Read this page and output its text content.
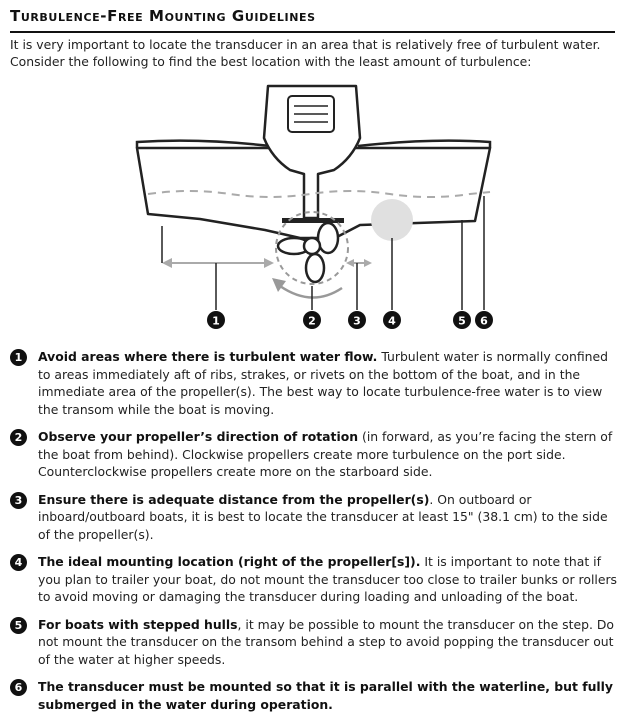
Turbulence-Free Mounting Guidelines

It is very important to locate the transducer in an area that is relatively free of turbulent water. Consider the following to find the best location with the least amount of turbulence:

1	2	3 4	5 6
1	Avoid areas where there is turbulent water flow. Turbulent water is normally confined to areas immediately aft of ribs, strakes, or rivets on the bottom of the boat, and in the immediate area of the propeller(s). The best way to locate turbulence-free water is to view the transom while the boat is moving.
2	Observe your propeller’s direction of rotation (in forward, as you’re facing the stern of the boat from behind). Clockwise propellers create more turbulence on the port side. Counterclockwise propellers create more on the starboard side.
3	Ensure there is adequate distance from the propeller(s). On outboard or inboard/outboard boats, it is best to locate the transducer at least 15" (38.1 cm) to the side of the propeller(s).
4	The ideal mounting location (right of the propeller[s]). It is important to note that if you plan to trailer your boat, do not mount the transducer too close to trailer bunks or rollers to avoid moving or damaging the transducer during loading and unloading of the boat.
5	For boats with stepped hulls, it may be possible to mount the transducer on the step. Do not mount the transducer on the transom behind a step to avoid popping the transducer out of the water at higher speeds.
6	The transducer must be mounted so that it is parallel with the waterline, but fully submerged in the water during operation.
